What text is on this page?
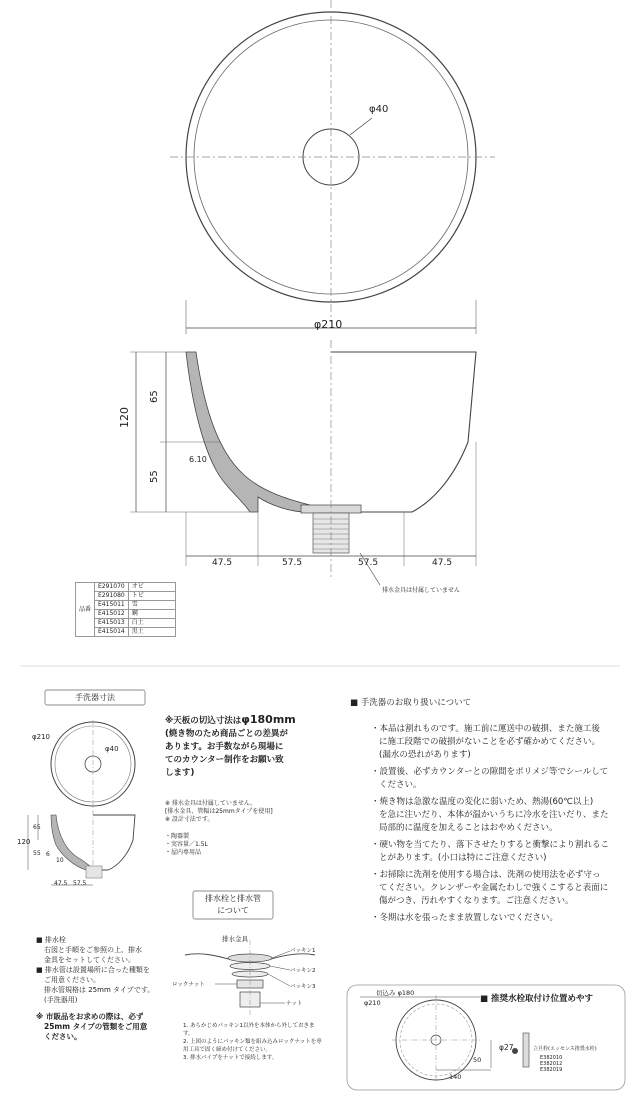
φ40
φ210
120
65
55
6.10
47.5	57.5	57.5	47.5
排水金具は付属していません
品番	E291070	オビ
	E291080	トビ
	E415011	雪
	E415012	鋼
	E415013	白土
	E415014	黒土
手洗器寸法
φ210
φ40
120
65
55 6
10
47.5 57.5
※天板の切込寸法はφ180mm
(焼き物のため商品ごとの差異が
あります。お手数ながら現場に
てのカウンター制作をお願い致
します)
※ 排水金具は付属していません。
[排水金具、管幅は25mmタイプを使用]
※ 設計寸法です。
・陶器製
・実容量／1.5L
・屋内専用品
排水栓と排水管
について
排水金具
パッキン1
パッキン2
パッキン3
ロックナット
ナット
1. あらかじめパッキン1以外を本体から外しておきます。
2. 上図のようにパッキン類を組み込みロックナットを専用工具で固く締め付けてください。
3. 排水パイプをナットで接続します。
■ 排水栓
右図と手順をご参照の上、排水
金具をセットしてください。
■ 排水管は設置場所に合った種類を
ご用意ください。
排水管規格は 25mm タイプです。
(手洗器用)
※ 市販品をお求めの際は、必ず
25mm タイプの管類をご用意
ください。
■ 手洗器のお取り扱いについて
・本品は割れものです。施工前に運送中の破損、また施工後
に施工段階での破損がないことを必ず確かめてください。
(漏水の恐れがあります)
・設置後、必ずカウンターとの隙間をポリメジ等でシールして
ください。
・焼き物は急激な温度の変化に弱いため、熱湯(60℃以上)
を急に注いだり、本体が温かいうちに冷水を注いだり、また
局部的に温度を加えることはおやめください。
・硬い物を当てたり、落下させたりすると衝撃により割れるこ
とがあります。(小口は特にご注意ください)
・お掃除に洗剤を使用する場合は、洗剤の使用法を必ず守っ
てください。クレンザーや金属たわしで強くこすると表面に
傷がつき、汚れやすくなります。ご注意ください。
・冬期は水を張ったまま放置しないでください。
■ 推奨水栓取付け位置めやす
切込み φ180
φ210
φ27
50
140
立旦栓(エッセンス推奨水栓)
E382010
E382012
E382019
